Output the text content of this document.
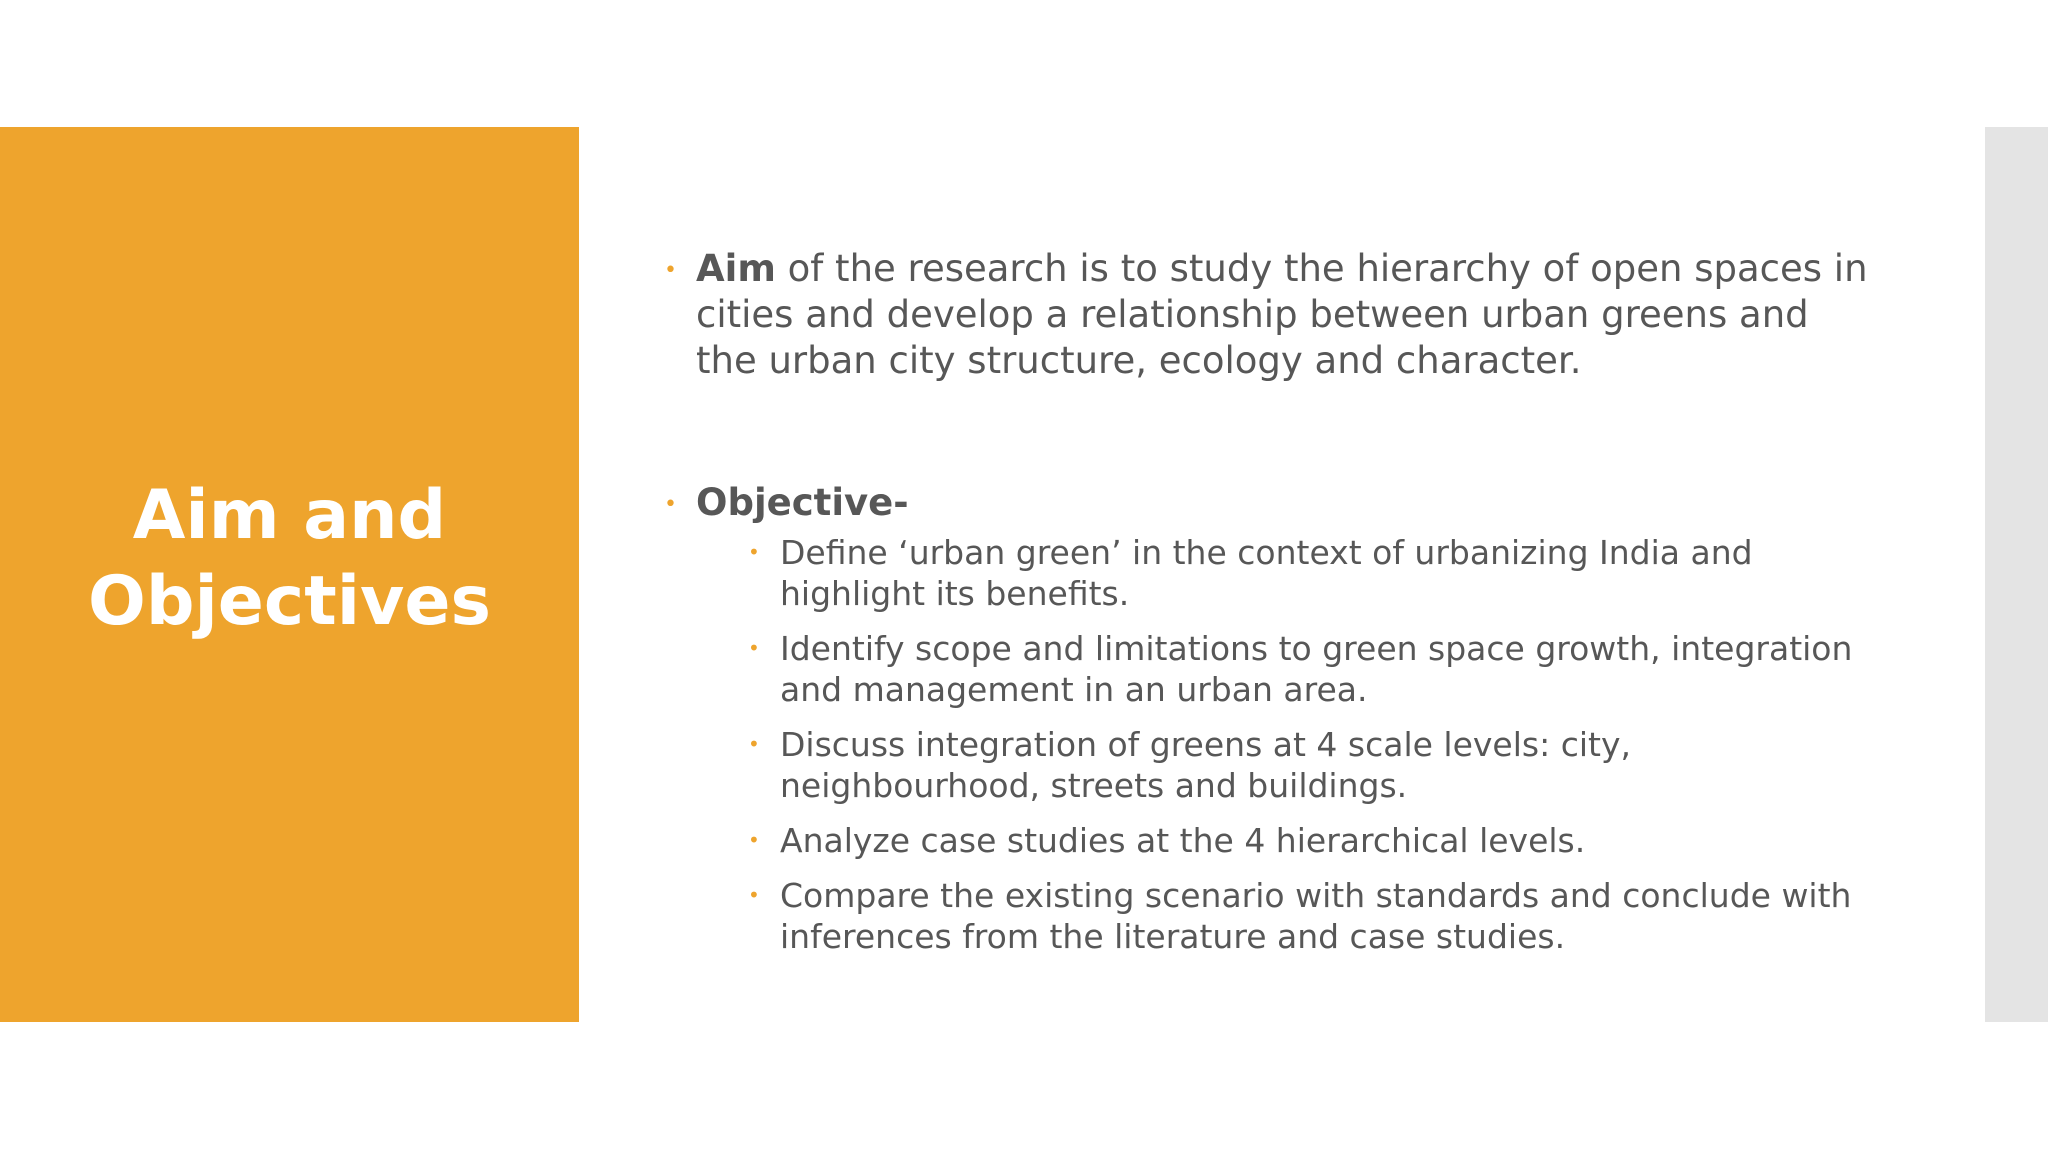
Aim and Objectives
• Aim of the research is to study the hierarchy of open spaces in cities and develop a relationship between urban greens and the urban city structure, ecology and character.
• Objective-
• Define ‘urban green’ in the context of urbanizing India and highlight its benefits.
• Identify scope and limitations to green space growth, integration and management in an urban area.
• Discuss integration of greens at 4 scale levels: city, neighbourhood, streets and buildings.
• Analyze case studies at the 4 hierarchical levels.
• Compare the existing scenario with standards and conclude with inferences from the literature and case studies.
